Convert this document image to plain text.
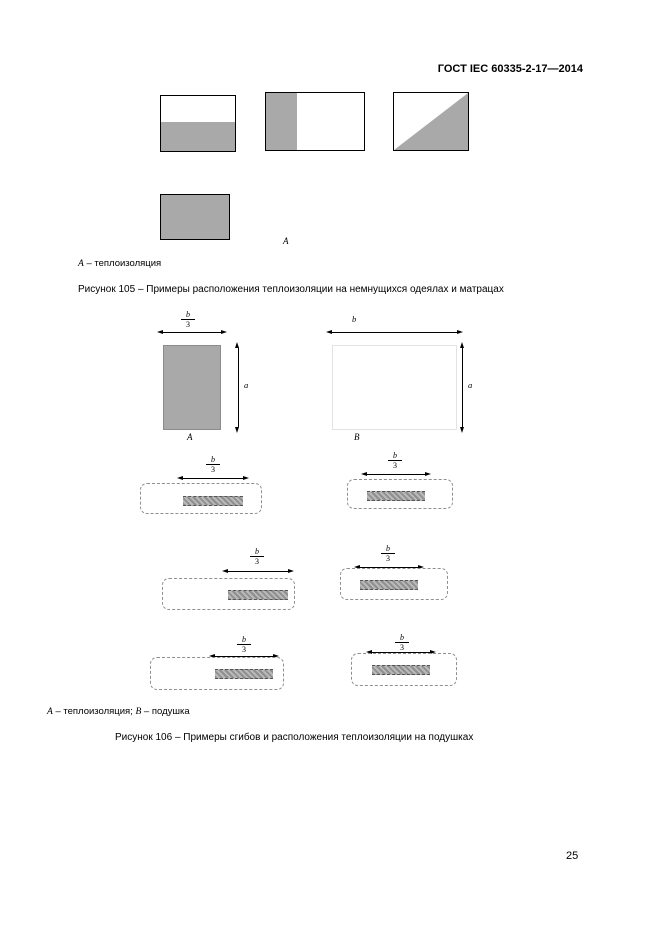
ГОСТ IEC 60335-2-17—2014
А
А – теплоизоляция
Рисунок 105 – Примеры расположения теплоизоляции на немнущихся одеялах и матрацах
$\frac{b}{3}$
a
А
b
a
В
$\frac{b}{3}$	$\frac{b}{3}$
$\frac{b}{3}$	$\frac{b}{3}$
$\frac{b}{3}$	$\frac{b}{3}$
А – теплоизоляция; В – подушка
Рисунок 106 – Примеры сгибов и расположения теплоизоляции на подушках
25
